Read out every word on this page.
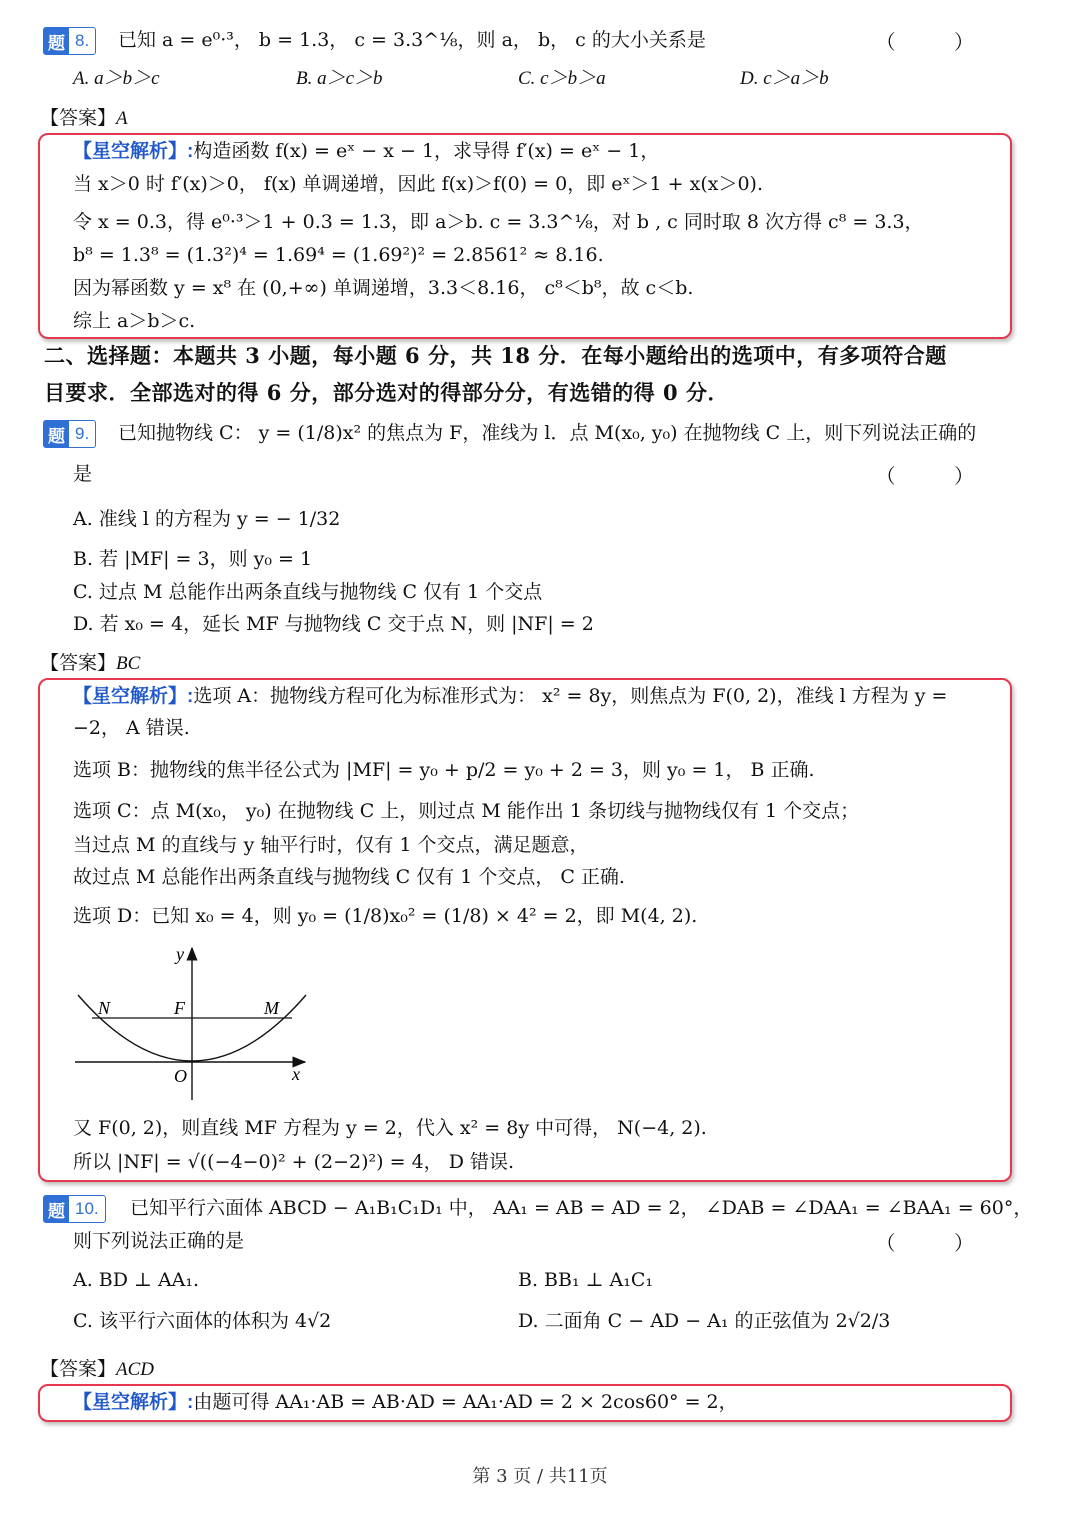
题 8.	已知 a = e⁰·³， b = 1.3， c = 3.3^⅛，则 a， b， c 的大小关系是	（ ）
A. a＞b＞c	B. a＞c＞b	C. c＞b＞a	D. c＞a＞b
【答案】A
【星空解析】:构造函数 f(x) = eˣ − x − 1，求导得 f′(x) = eˣ − 1，
当 x＞0 时 f′(x)＞0， f(x) 单调递增，因此 f(x)＞f(0) = 0，即 eˣ＞1 + x(x＞0).
令 x = 0.3，得 e⁰·³＞1 + 0.3 = 1.3，即 a＞b. c = 3.3^⅛，对 b , c 同时取 8 次方得 c⁸ = 3.3，
b⁸ = 1.3⁸ = (1.3²)⁴ = 1.69⁴ = (1.69²)² = 2.8561² ≈ 8.16.
因为幂函数 y = x⁸ 在 (0,+∞) 单调递增，3.3＜8.16， c⁸＜b⁸，故 c＜b.
综上 a＞b＞c.
二、选择题：本题共 3 小题，每小题 6 分，共 18 分．在每小题给出的选项中，有多项符合题
目要求．全部选对的得 6 分，部分选对的得部分分，有选错的得 0 分．
题 9.	已知抛物线 C： y = (1/8)x² 的焦点为 F，准线为 l．点 M(x₀, y₀) 在抛物线 C 上，则下列说法正确的
是	（ ）
A. 准线 l 的方程为 y = − 1/32
B. 若 |MF| = 3，则 y₀ = 1
C. 过点 M 总能作出两条直线与抛物线 C 仅有 1 个交点
D. 若 x₀ = 4，延长 MF 与抛物线 C 交于点 N，则 |NF| = 2
【答案】BC
【星空解析】:选项 A：抛物线方程可化为标准形式为： x² = 8y，则焦点为 F(0, 2)，准线 l 方程为 y =
−2， A 错误.
选项 B：抛物线的焦半径公式为 |MF| = y₀ + p/2 = y₀ + 2 = 3，则 y₀ = 1， B 正确.
选项 C：点 M(x₀， y₀) 在抛物线 C 上，则过点 M 能作出 1 条切线与抛物线仅有 1 个交点；
当过点 M 的直线与 y 轴平行时，仅有 1 个交点，满足题意，
故过点 M 总能作出两条直线与抛物线 C 仅有 1 个交点， C 正确.
选项 D：已知 x₀ = 4，则 y₀ = (1/8)x₀² = (1/8) × 4² = 2，即 M(4, 2).
y
x
O
N	F	M
又 F(0, 2)，则直线 MF 方程为 y = 2，代入 x² = 8y 中可得， N(−4, 2).
所以 |NF| = √((−4−0)² + (2−2)²) = 4， D 错误.
题 10.	已知平行六面体 ABCD − A₁B₁C₁D₁ 中， AA₁ = AB = AD = 2， ∠DAB = ∠DAA₁ = ∠BAA₁ = 60°，
则下列说法正确的是	（ ）
A. BD ⊥ AA₁.	B. BB₁ ⊥ A₁C₁
C. 该平行六面体的体积为 4√2	D. 二面角 C − AD − A₁ 的正弦值为 2√2/3
【答案】ACD
【星空解析】:由题可得 AA₁·AB = AB·AD = AA₁·AD = 2 × 2cos60° = 2，
第 3 页 / 共11页
